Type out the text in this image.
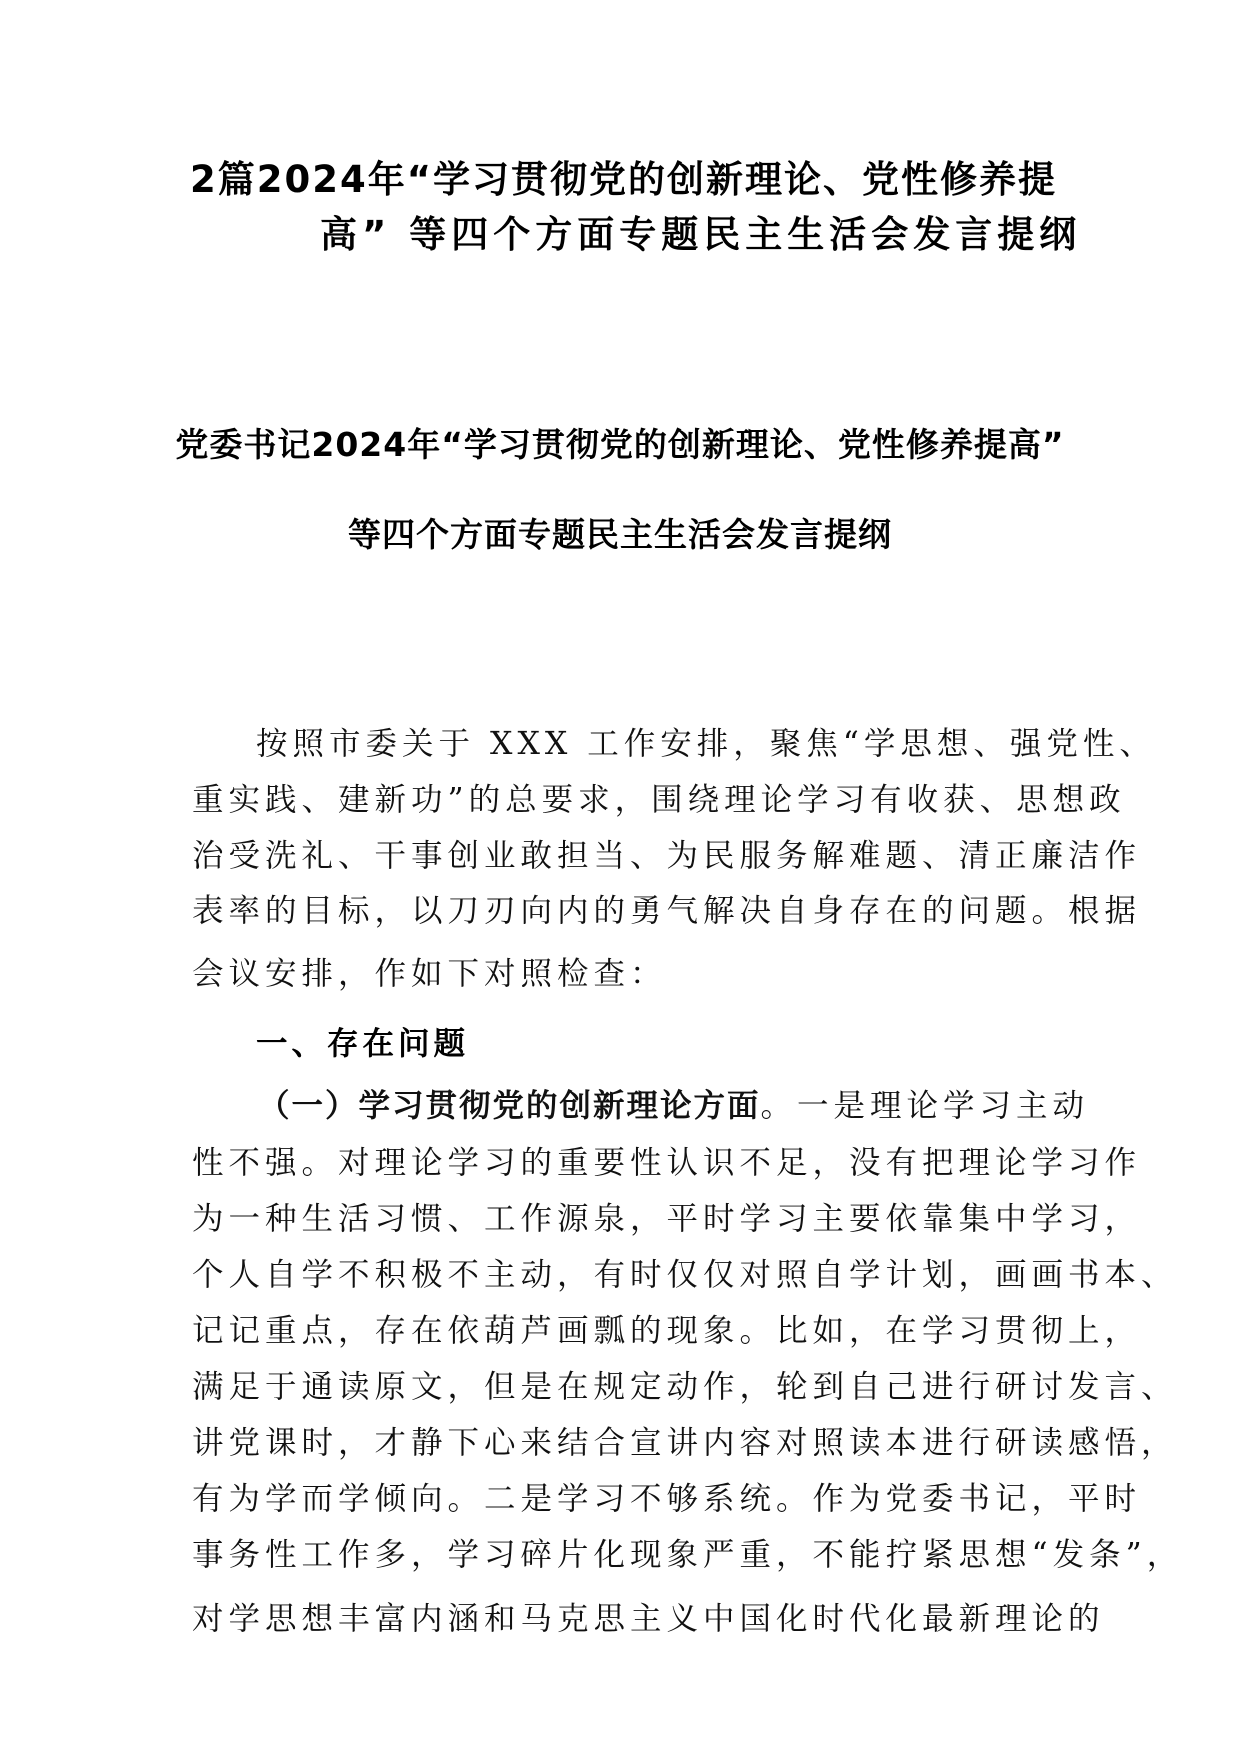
2篇2024年“学习贯彻党的创新理论、党性修养提
高” 等四个方面专题民主生活会发言提纲
党委书记2024年“学习贯彻党的创新理论、党性修养提高”
等四个方面专题民主生活会发言提纲
按照市委关于 XXX 工作安排，聚焦“学思想、强党性、
重实践、建新功”的总要求，围绕理论学习有收获、思想政
治受洗礼、干事创业敢担当、为民服务解难题、清正廉洁作
表率的目标，以刀刃向内的勇气解决自身存在的问题。根据
会议安排，作如下对照检查：
一、存在问题
（一）学习贯彻党的创新理论方面。一是理论学习主动
性不强。对理论学习的重要性认识不足，没有把理论学习作
为一种生活习惯、工作源泉，平时学习主要依靠集中学习，
个人自学不积极不主动，有时仅仅对照自学计划，画画书本、
记记重点，存在依葫芦画瓢的现象。比如，在学习贯彻上，
满足于通读原文，但是在规定动作，轮到自己进行研讨发言、
讲党课时，才静下心来结合宣讲内容对照读本进行研读感悟，
有为学而学倾向。二是学习不够系统。作为党委书记，平时
事务性工作多，学习碎片化现象严重，不能拧紧思想“发条”，
对学思想丰富内涵和马克思主义中国化时代化最新理论的
